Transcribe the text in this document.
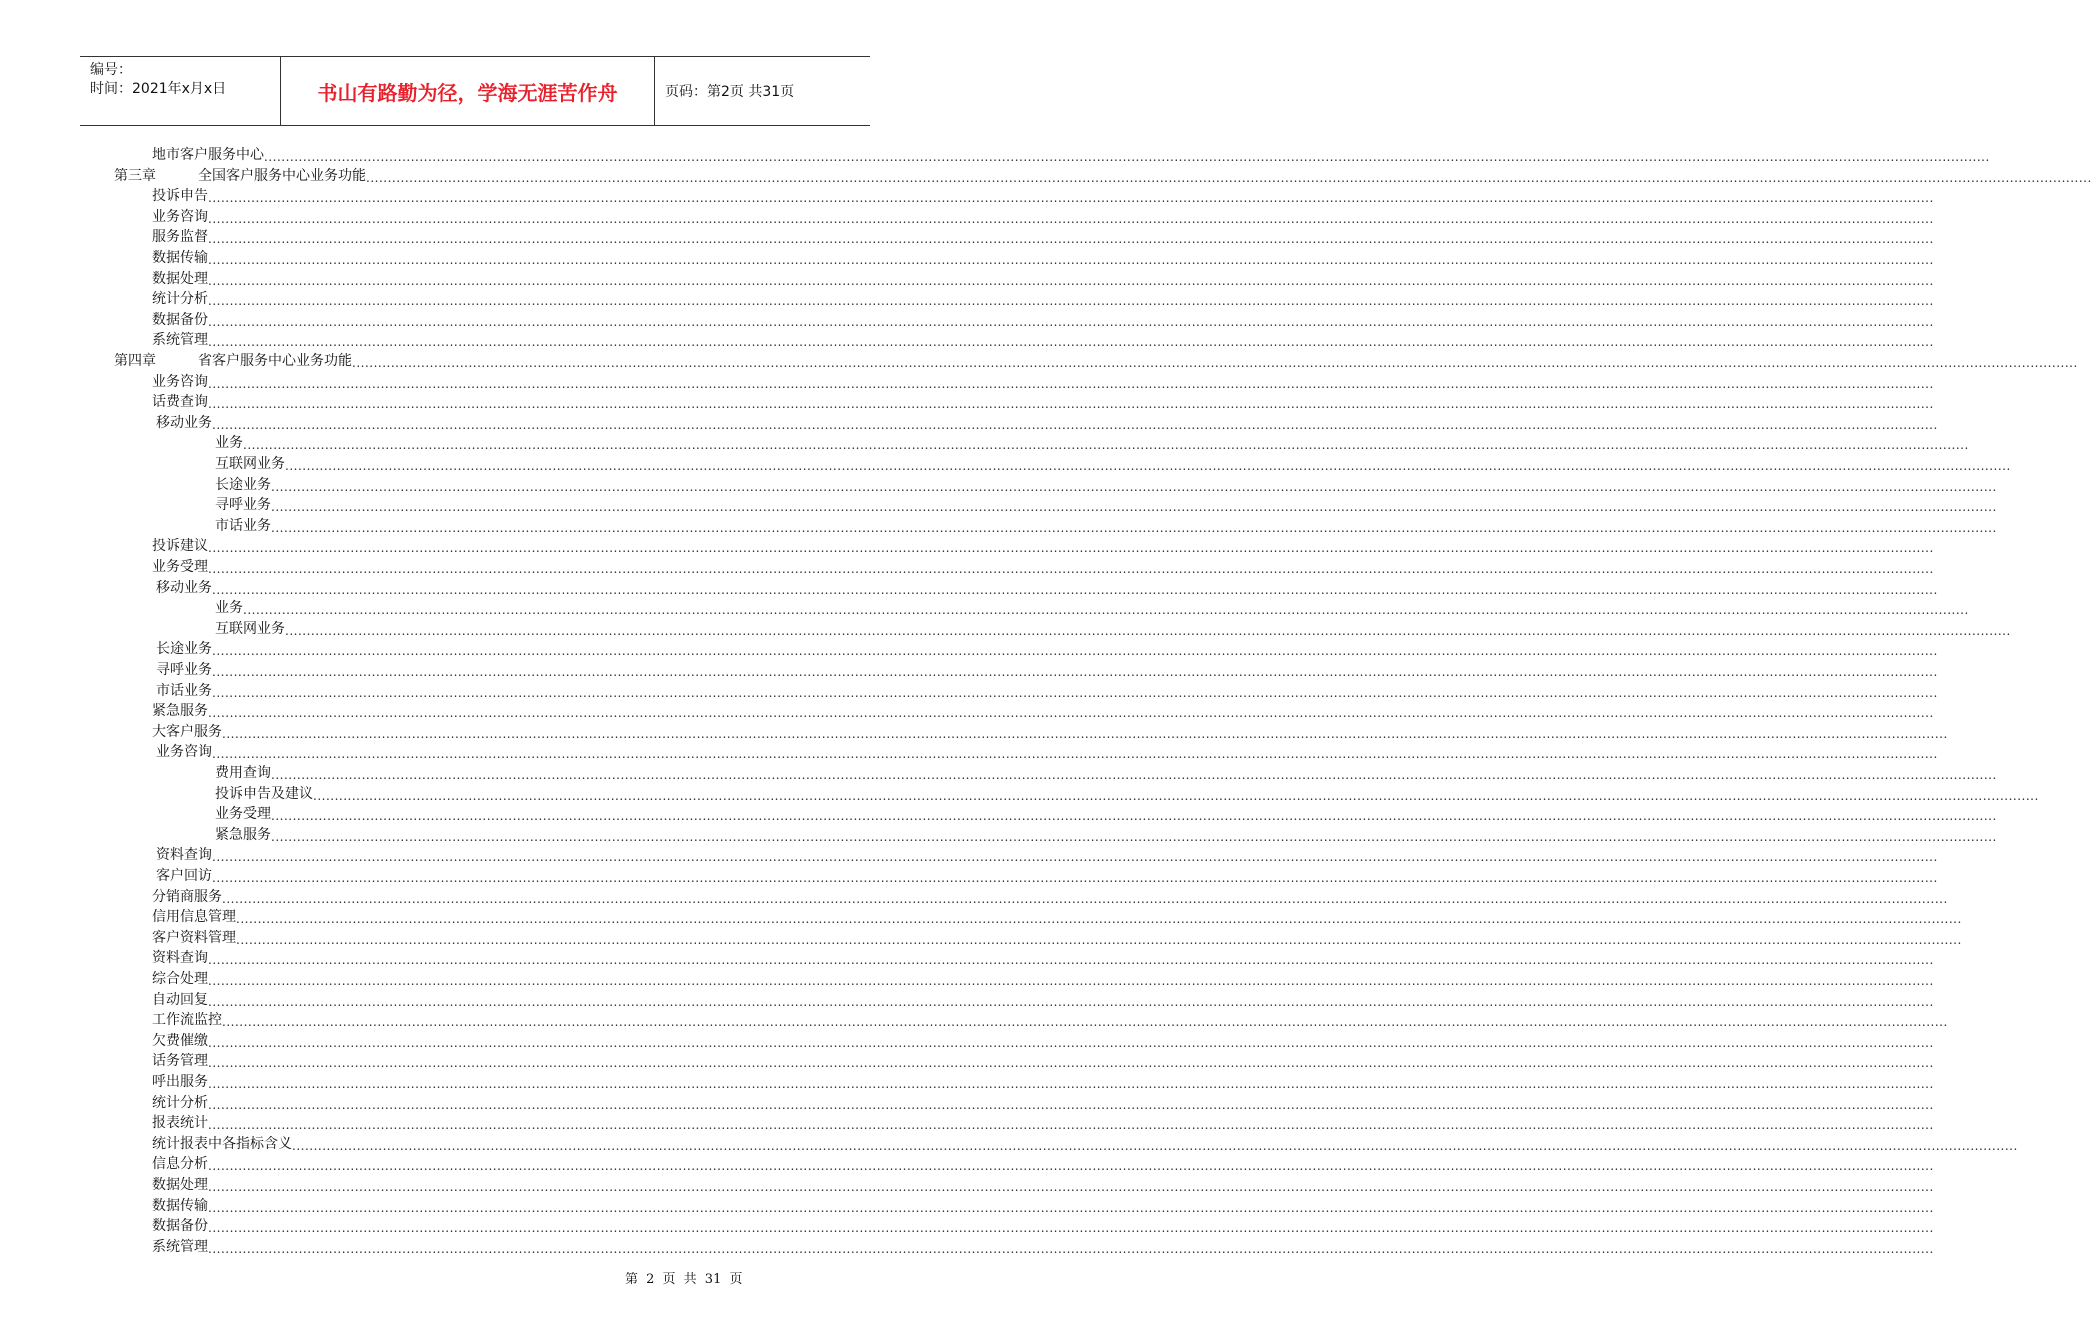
编号：
时间：2021年x月x日	书山有路勤为径，学海无涯苦作舟	页码：第2页 共31页
地市客户服务中心 ................................................................................................................................................................................................................................................................................................................................................................................................................
第三章	全国客户服务中心业务功能 ................................................................................................................................................................................................................................................................................................................................................................................................................
投诉申告 ................................................................................................................................................................................................................................................................................................................................................................................................................
业务咨询 ................................................................................................................................................................................................................................................................................................................................................................................................................
服务监督 ................................................................................................................................................................................................................................................................................................................................................................................................................
数据传输 ................................................................................................................................................................................................................................................................................................................................................................................................................
数据处理 ................................................................................................................................................................................................................................................................................................................................................................................................................
统计分析 ................................................................................................................................................................................................................................................................................................................................................................................................................
数据备份 ................................................................................................................................................................................................................................................................................................................................................................................................................
系统管理 ................................................................................................................................................................................................................................................................................................................................................................................................................
第四章	省客户服务中心业务功能 ................................................................................................................................................................................................................................................................................................................................................................................................................
业务咨询 ................................................................................................................................................................................................................................................................................................................................................................................................................
话费查询 ................................................................................................................................................................................................................................................................................................................................................................................................................
移动业务 ................................................................................................................................................................................................................................................................................................................................................................................................................
业务 ................................................................................................................................................................................................................................................................................................................................................................................................................
互联网业务 ................................................................................................................................................................................................................................................................................................................................................................................................................
长途业务 ................................................................................................................................................................................................................................................................................................................................................................................................................
寻呼业务 ................................................................................................................................................................................................................................................................................................................................................................................................................
市话业务 ................................................................................................................................................................................................................................................................................................................................................................................................................
投诉建议 ................................................................................................................................................................................................................................................................................................................................................................................................................
业务受理 ................................................................................................................................................................................................................................................................................................................................................................................................................
移动业务 ................................................................................................................................................................................................................................................................................................................................................................................................................
业务 ................................................................................................................................................................................................................................................................................................................................................................................................................
互联网业务 ................................................................................................................................................................................................................................................................................................................................................................................................................
长途业务 ................................................................................................................................................................................................................................................................................................................................................................................................................
寻呼业务 ................................................................................................................................................................................................................................................................................................................................................................................................................
市话业务 ................................................................................................................................................................................................................................................................................................................................................................................................................
紧急服务 ................................................................................................................................................................................................................................................................................................................................................................................................................
大客户服务 ................................................................................................................................................................................................................................................................................................................................................................................................................
业务咨询 ................................................................................................................................................................................................................................................................................................................................................................................................................
费用查询 ................................................................................................................................................................................................................................................................................................................................................................................................................
投诉申告及建议 ................................................................................................................................................................................................................................................................................................................................................................................................................
业务受理 ................................................................................................................................................................................................................................................................................................................................................................................................................
紧急服务 ................................................................................................................................................................................................................................................................................................................................................................................................................
资料查询 ................................................................................................................................................................................................................................................................................................................................................................................................................
客户回访 ................................................................................................................................................................................................................................................................................................................................................................................................................
分销商服务 ................................................................................................................................................................................................................................................................................................................................................................................................................
信用信息管理 ................................................................................................................................................................................................................................................................................................................................................................................................................
客户资料管理 ................................................................................................................................................................................................................................................................................................................................................................................................................
资料查询 ................................................................................................................................................................................................................................................................................................................................................................................................................
综合处理 ................................................................................................................................................................................................................................................................................................................................................................................................................
自动回复 ................................................................................................................................................................................................................................................................................................................................................................................................................
工作流监控 ................................................................................................................................................................................................................................................................................................................................................................................................................
欠费催缴 ................................................................................................................................................................................................................................................................................................................................................................................................................
话务管理 ................................................................................................................................................................................................................................................................................................................................................................................................................
呼出服务 ................................................................................................................................................................................................................................................................................................................................................................................................................
统计分析 ................................................................................................................................................................................................................................................................................................................................................................................................................
报表统计 ................................................................................................................................................................................................................................................................................................................................................................................................................
统计报表中各指标含义 ................................................................................................................................................................................................................................................................................................................................................................................................................
信息分析 ................................................................................................................................................................................................................................................................................................................................................................................................................
数据处理 ................................................................................................................................................................................................................................................................................................................................................................................................................
数据传输 ................................................................................................................................................................................................................................................................................................................................................................................................................
数据备份 ................................................................................................................................................................................................................................................................................................................................................................................................................
系统管理 ................................................................................................................................................................................................................................................................................................................................................................................................................
第 2 页 共 31 页
